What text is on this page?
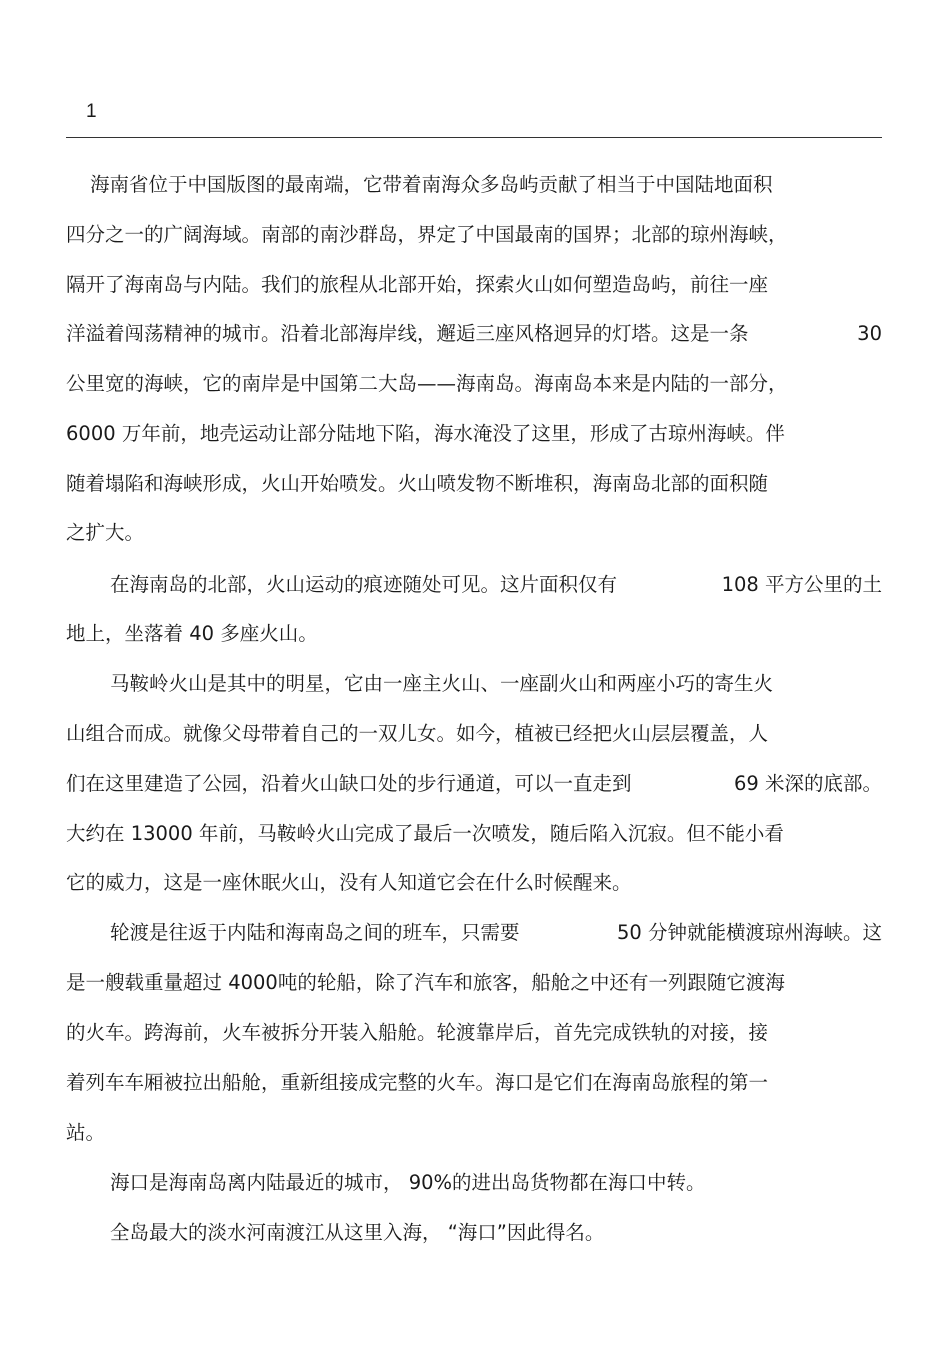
1
海南省位于中国版图的最南端，它带着南海众多岛屿贡献了相当于中国陆地面积
四分之一的广阔海域。南部的南沙群岛，界定了中国最南的国界；北部的琼州海峡，
隔开了海南岛与内陆。我们的旅程从北部开始，探索火山如何塑造岛屿，前往一座
洋溢着闯荡精神的城市。沿着北部海岸线，邂逅三座风格迥异的灯塔。这是一条	30
公里宽的海峡，它的南岸是中国第二大岛——海南岛。海南岛本来是内陆的一部分，
6000 万年前，地壳运动让部分陆地下陷，海水淹没了这里，形成了古琼州海峡。伴
随着塌陷和海峡形成，火山开始喷发。火山喷发物不断堆积，海南岛北部的面积随
之扩大。
在海南岛的北部，火山运动的痕迹随处可见。这片面积仅有	108 平方公里的土
地上，坐落着 40 多座火山。
马鞍岭火山是其中的明星，它由一座主火山、一座副火山和两座小巧的寄生火
山组合而成。就像父母带着自己的一双儿女。如今，植被已经把火山层层覆盖，人
们在这里建造了公园，沿着火山缺口处的步行通道，可以一直走到	69 米深的底部。
大约在 13000 年前，马鞍岭火山完成了最后一次喷发，随后陷入沉寂。但不能小看
它的威力，这是一座休眠火山，没有人知道它会在什么时候醒来。
轮渡是往返于内陆和海南岛之间的班车，只需要	50 分钟就能横渡琼州海峡。这
是一艘载重量超过 4000吨的轮船，除了汽车和旅客，船舱之中还有一列跟随它渡海
的火车。跨海前，火车被拆分开装入船舱。轮渡靠岸后，首先完成铁轨的对接，接
着列车车厢被拉出船舱，重新组接成完整的火车。海口是它们在海南岛旅程的第一
站。
海口是海南岛离内陆最近的城市， 90%的进出岛货物都在海口中转。
全岛最大的淡水河南渡江从这里入海， “海口”因此得名。
